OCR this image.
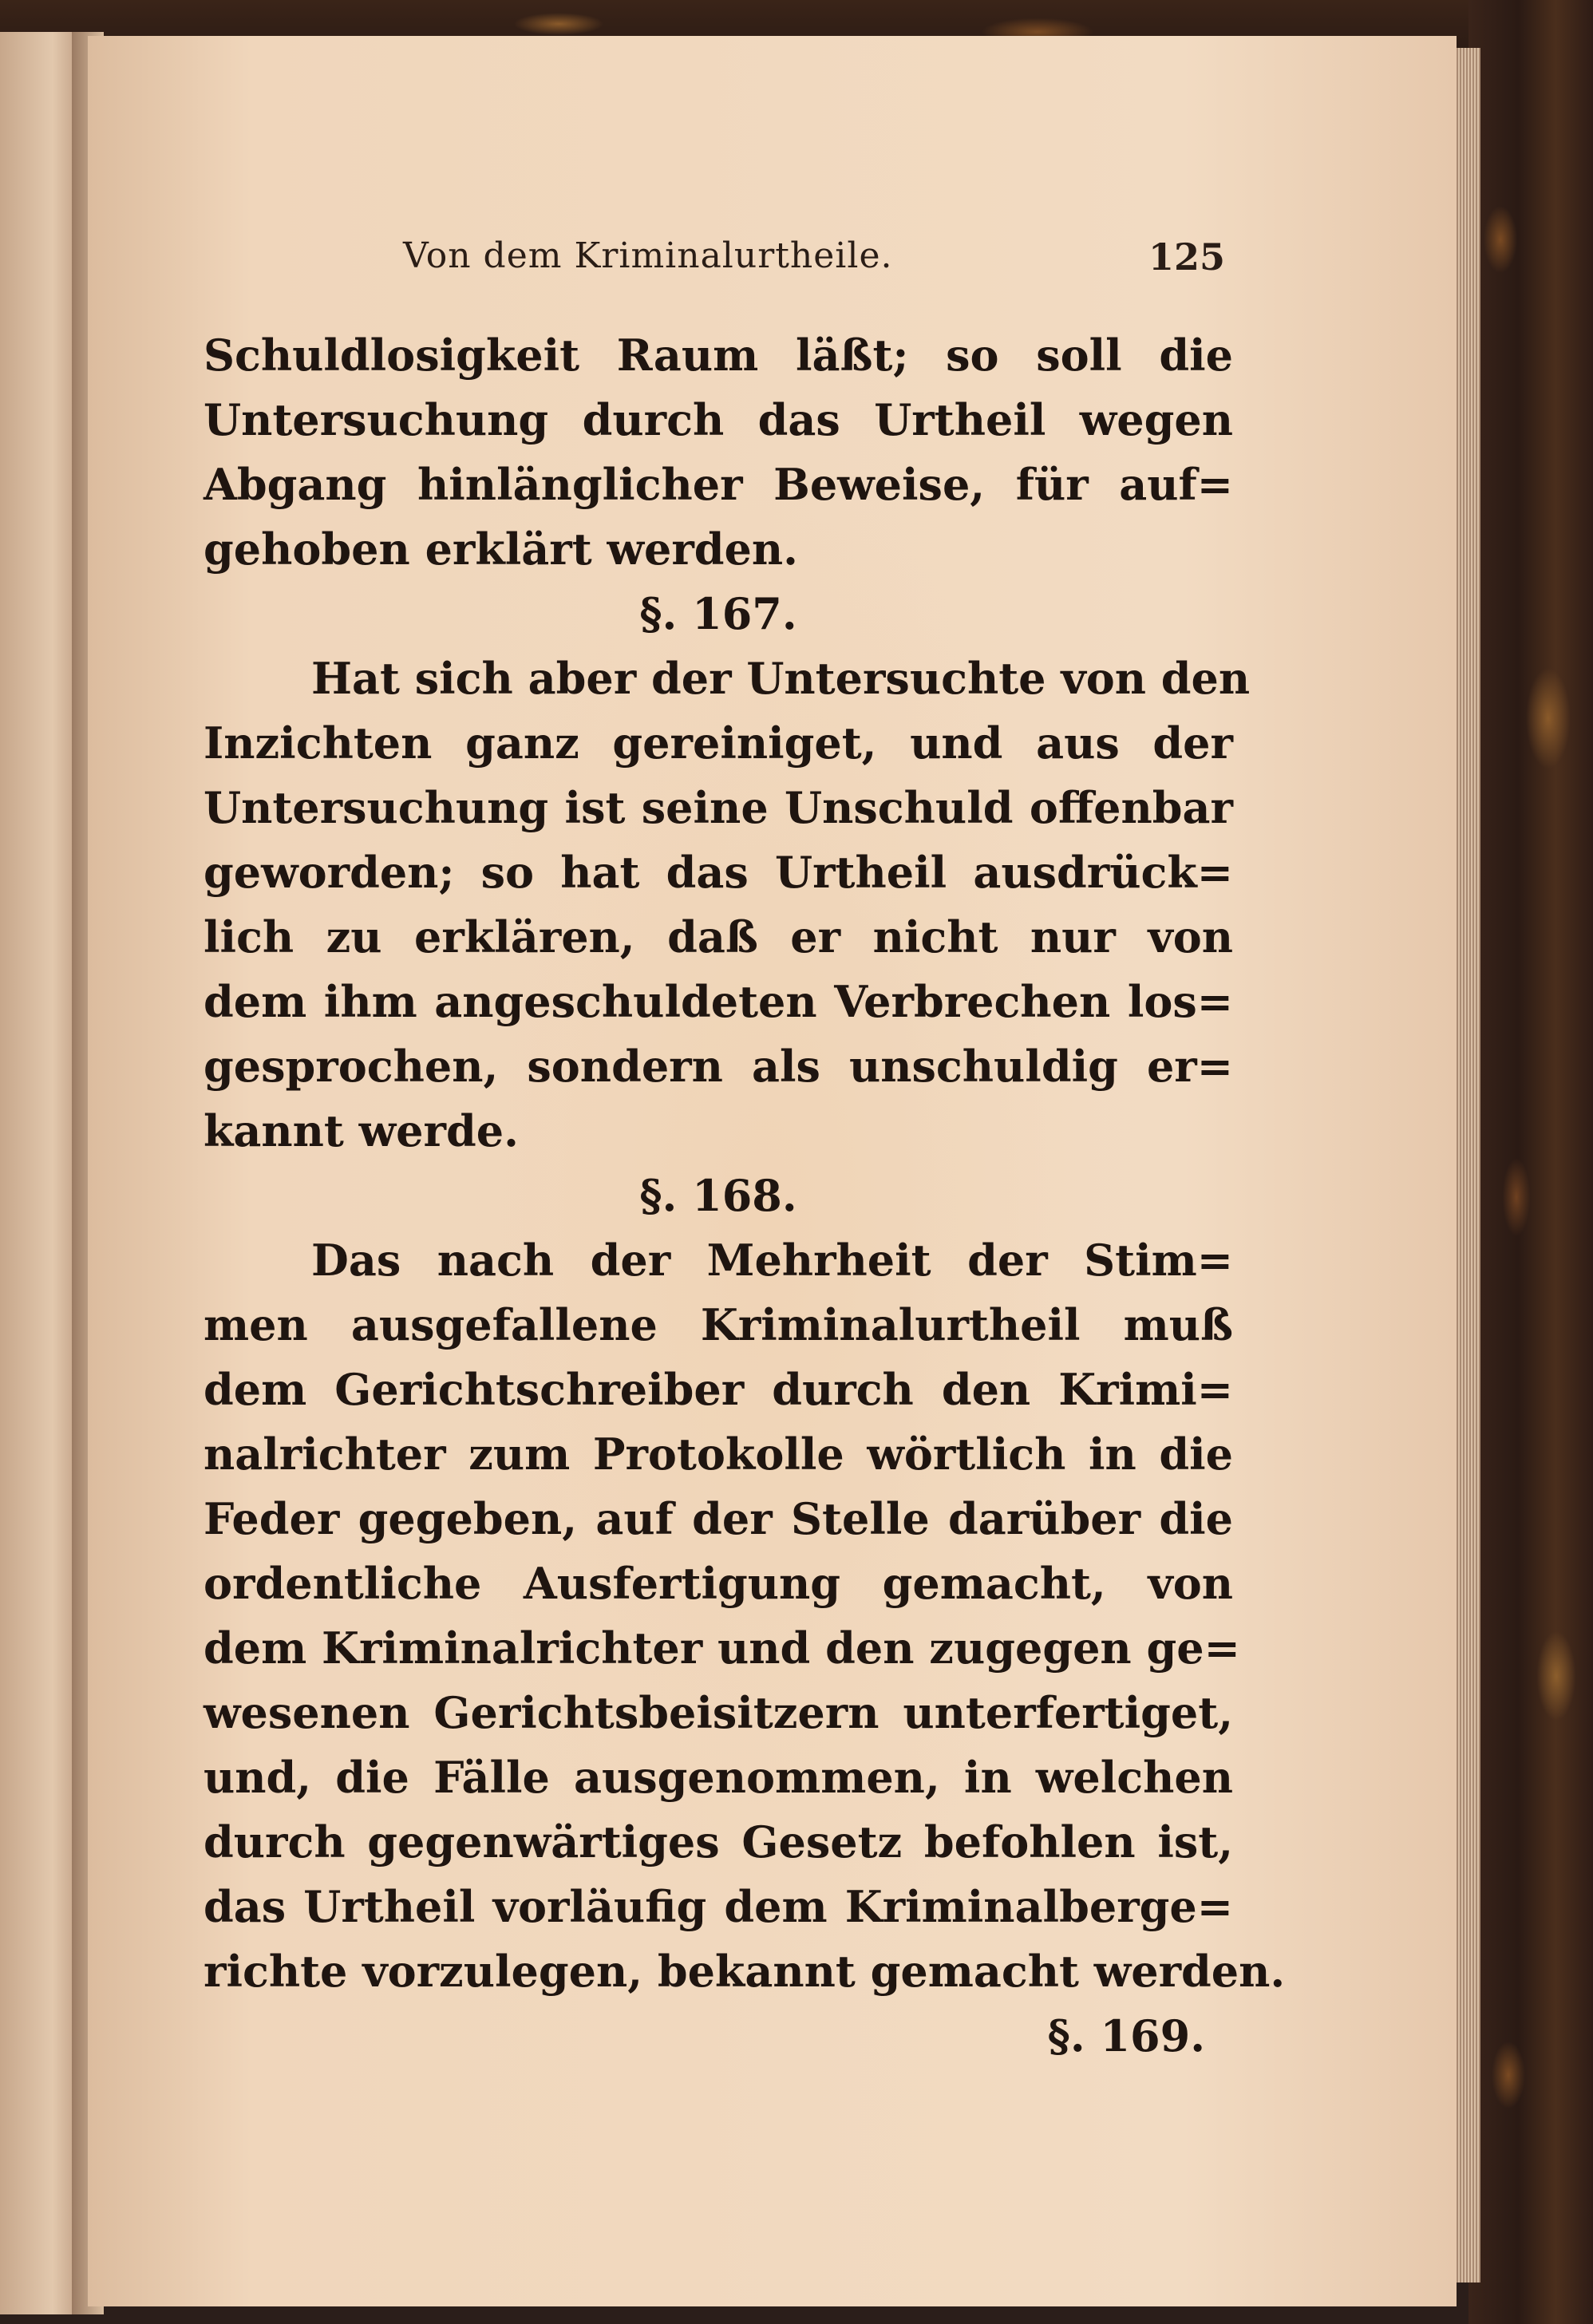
Von dem Kriminalurtheile.	125
Schuldlosigkeit Raum läßt; so soll die
Untersuchung durch das Urtheil wegen
Abgang hinlänglicher Beweise, für auf=
gehoben erklärt werden.
§. 167.
Hat sich aber der Untersuchte von den
Inzichten ganz gereiniget, und aus der
Untersuchung ist seine Unschuld offenbar
geworden; so hat das Urtheil ausdrück=
lich zu erklären, daß er nicht nur von
dem ihm angeschuldeten Verbrechen los=
gesprochen, sondern als unschuldig er=
kannt werde.
§. 168.
Das nach der Mehrheit der Stim=
men ausgefallene Kriminalurtheil muß
dem Gerichtschreiber durch den Krimi=
nalrichter zum Protokolle wörtlich in die
Feder gegeben, auf der Stelle darüber die
ordentliche Ausfertigung gemacht, von
dem Kriminalrichter und den zugegen ge=
wesenen Gerichtsbeisitzern unterfertiget,
und, die Fälle ausgenommen, in welchen
durch gegenwärtiges Gesetz befohlen ist,
das Urtheil vorläufig dem Kriminalberge=
richte vorzulegen, bekannt gemacht werden.
§. 169.
